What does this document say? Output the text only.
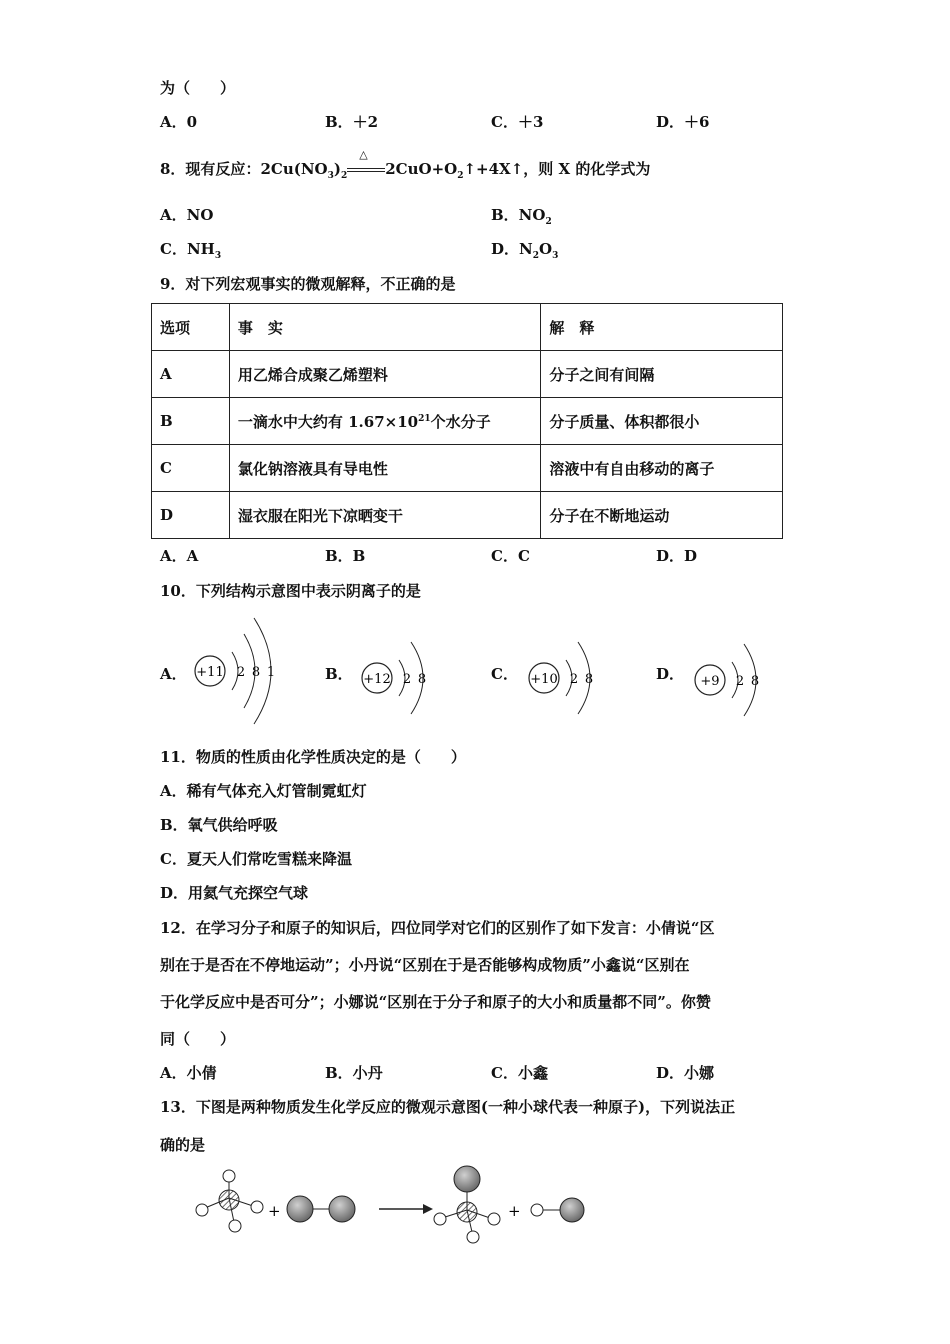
为（　　）
A．0	B．＋2	C．＋3	D．＋6
8．现有反应：$2Cu(NO_3)_2$
△
$2CuO+O_2↑+4X↑$，则 X 的化学式为
A．NO	B．$NO_2$
C．$NH_3$	D．$N_2O_3$
9．对下列宏观事实的微观解释，不正确的是
选项	事　实	解　释
A	用乙烯合成聚乙烯塑料	分子之间有间隔
B	一滴水中大约有 $1.67\times 10^{21}$个水分子	分子质量、体积都很小
C	氯化钠溶液具有导电性	溶液中有自由移动的离子
D	湿衣服在阳光下凉晒变干	分子在不断地运动
A．A	B．B	C．C	D．D
10．下列结构示意图中表示阴离子的是
A． +11 2 8 1	B． +12 2 8	C． +10 2 8	D． +9 2 8
11．物质的性质由化学性质决定的是（　　）
A．稀有气体充入灯管制霓虹灯
B．氧气供给呼吸
C．夏天人们常吃雪糕来降温
D．用氦气充探空气球
12．在学习分子和原子的知识后，四位同学对它们的区别作了如下发言：小倩说“区
别在于是否在不停地运动”；小丹说“区别在于是否能够构成物质”小鑫说“区别在
于化学反应中是否可分”；小娜说“区别在于分子和原子的大小和质量都不同”。你赞
同（　　）
A．小倩	B．小丹	C．小鑫	D．小娜
13．下图是两种物质发生化学反应的微观示意图(一种小球代表一种原子)，下列说法正
确的是
+	+
